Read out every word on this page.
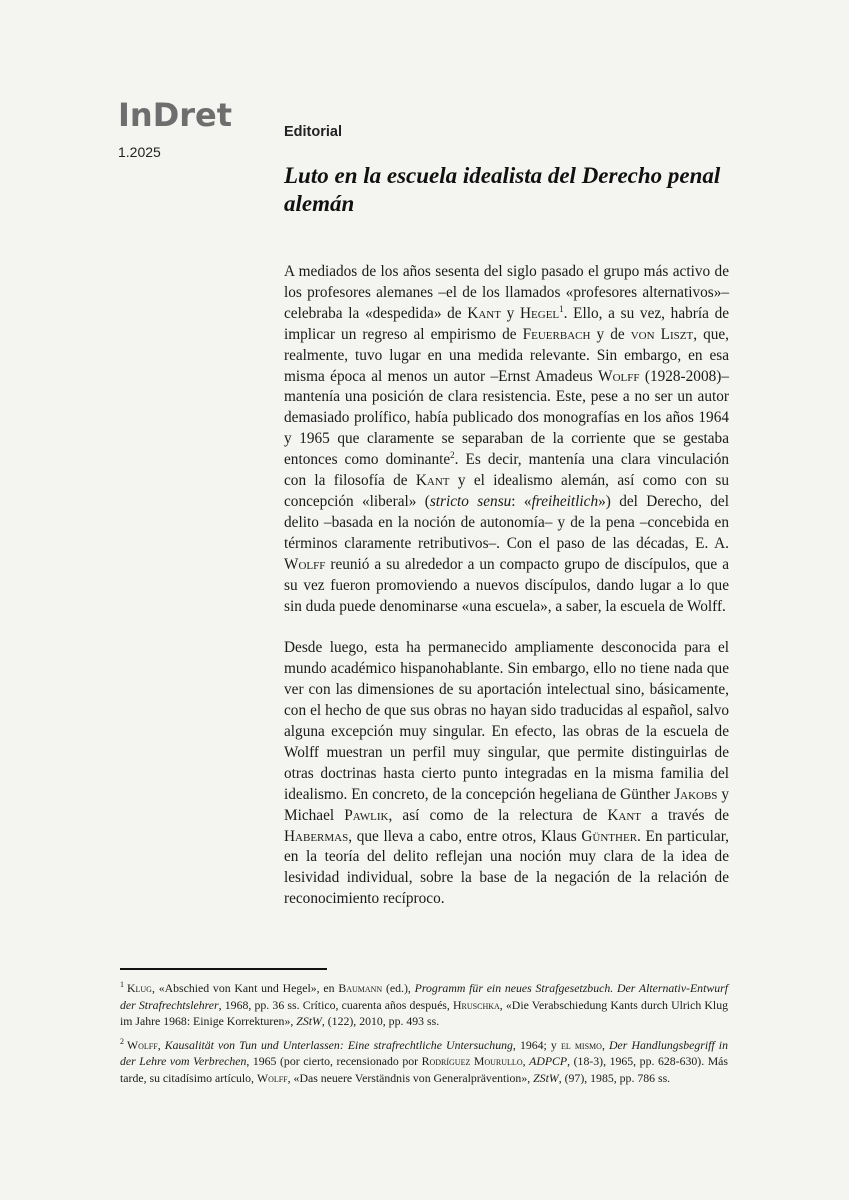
InDret
1.2025
Editorial
Luto en la escuela idealista del Derecho penal alemán

A mediados de los años sesenta del siglo pasado el grupo más activo de los profesores alemanes –el de los llamados «profesores alternativos»– celebraba la «despedida» de Kant y Hegel$^1$. Ello, a su vez, habría de implicar un regreso al empirismo de Feuerbach y de von Liszt, que, realmente, tuvo lugar en una medida relevante. Sin embargo, en esa misma época al menos un autor –Ernst Amadeus Wolff (1928-2008)– mantenía una posición de clara resistencia. Este, pese a no ser un autor demasiado prolífico, había publicado dos monografías en los años 1964 y 1965 que claramente se separaban de la corriente que se gestaba entonces como dominante$^2$. Es decir, mantenía una clara vinculación con la filosofía de Kant y el idealismo alemán, así como con su concepción «liberal» (stricto sensu: «freiheitlich») del Derecho, del delito –basada en la noción de autonomía– y de la pena –concebida en términos claramente retributivos–. Con el paso de las décadas, E. A. Wolff reunió a su alrededor a un compacto grupo de discípulos, que a su vez fueron promoviendo a nuevos discípulos, dando lugar a lo que sin duda puede denominarse «una escuela», a saber, la escuela de Wolff.

Desde luego, esta ha permanecido ampliamente desconocida para el mundo académico hispanohablante. Sin embargo, ello no tiene nada que ver con las dimensiones de su aportación intelectual sino, básicamente, con el hecho de que sus obras no hayan sido traducidas al español, salvo alguna excepción muy singular. En efecto, las obras de la escuela de Wolff muestran un perfil muy singular, que permite distinguirlas de otras doctrinas hasta cierto punto integradas en la misma familia del idealismo. En concreto, de la concepción hegeliana de Günther Jakobs y Michael Pawlik, así como de la relectura de Kant a través de Habermas, que lleva a cabo, entre otros, Klaus Günther. En particular, en la teoría del delito reflejan una noción muy clara de la idea de lesividad individual, sobre la base de la negación de la relación de reconocimiento recíproco.

$^1$ Klug, «Abschied von Kant und Hegel», en Baumann (ed.), Programm für ein neues Strafgesetzbuch. Der Alternativ-Entwurf der Strafrechtslehrer, 1968, pp. 36 ss. Crítico, cuarenta años después, Hruschka, «Die Verabschiedung Kants durch Ulrich Klug im Jahre 1968: Einige Korrekturen», ZStW, (122), 2010, pp. 493 ss.

$^2$ Wolff, Kausalität von Tun und Unterlassen: Eine strafrechtliche Untersuchung, 1964; y el mismo, Der Handlungsbegriff in der Lehre vom Verbrechen, 1965 (por cierto, recensionado por Rodríguez Mourullo, ADPCP, (18-3), 1965, pp. 628-630). Más tarde, su citadísimo artículo, Wolff, «Das neuere Verständnis von Generalprävention», ZStW, (97), 1985, pp. 786 ss.
